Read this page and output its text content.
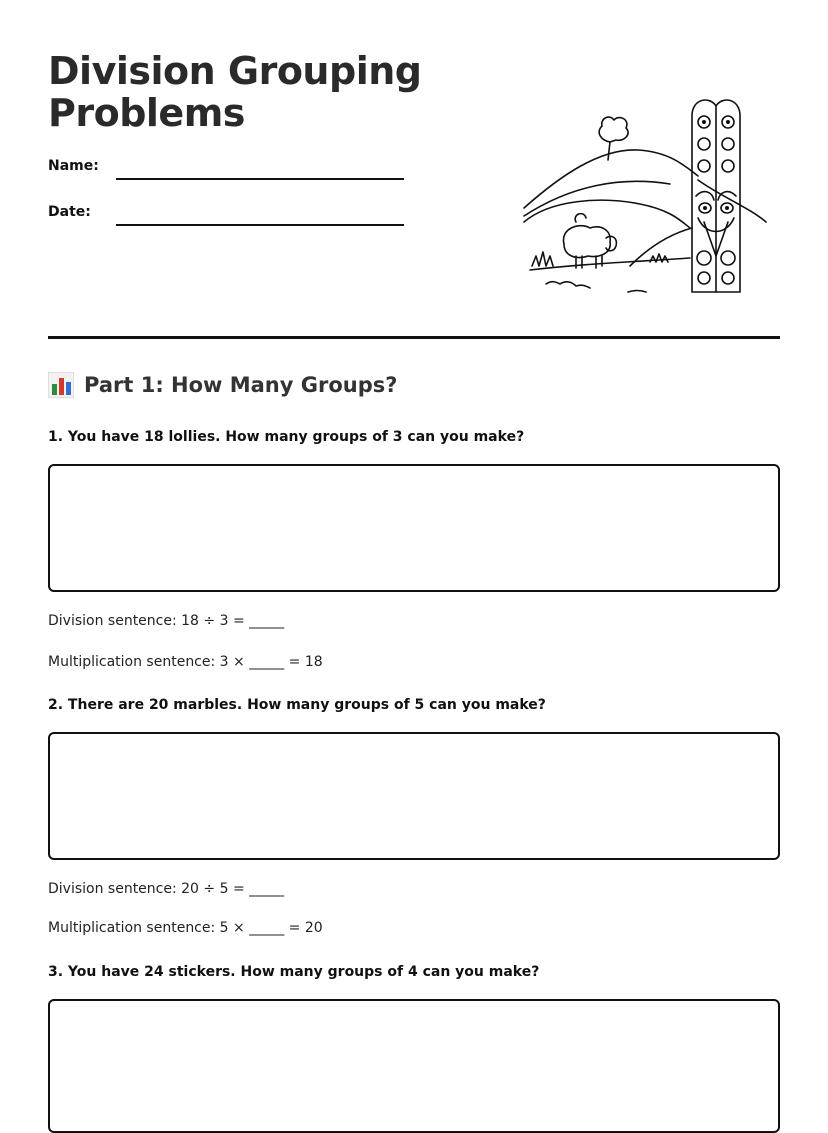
Division Grouping Problems
Name:
Date:
Part 1: How Many Groups?

1. You have 18 lollies. How many groups of 3 can you make?

Division sentence: 18 ÷ 3 = _____

Multiplication sentence: 3 × _____ = 18

2. There are 20 marbles. How many groups of 5 can you make?

Division sentence: 20 ÷ 5 = _____

Multiplication sentence: 5 × _____ = 20

3. You have 24 stickers. How many groups of 4 can you make?
